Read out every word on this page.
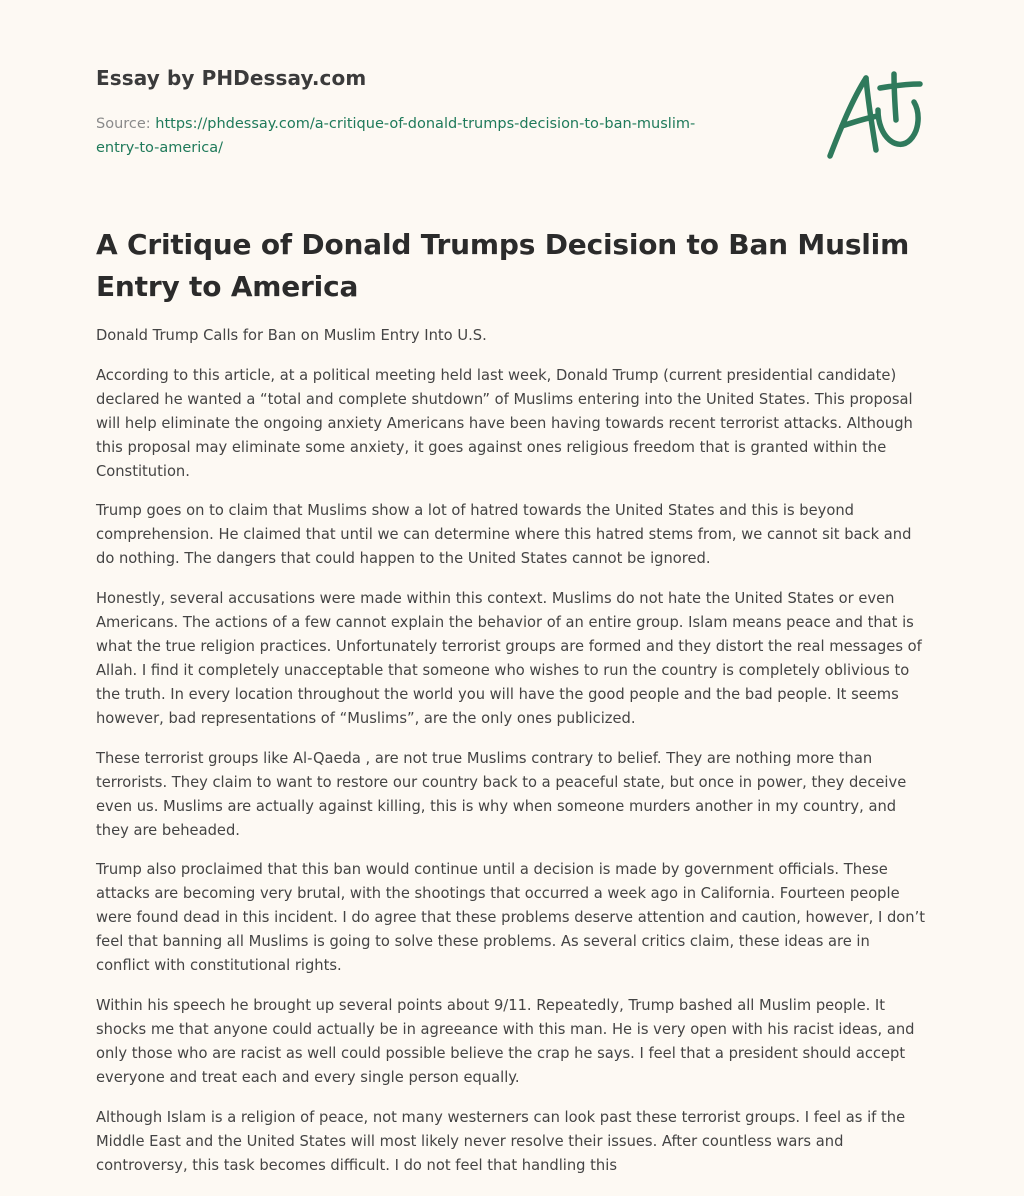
Essay by PHDessay.com

Source: https://phdessay.com/a-critique-of-donald-trumps-decision-to-ban-muslim-
entry-to-america/
A Critique of Donald Trumps Decision to Ban Muslim Entry to America

Donald Trump Calls for Ban on Muslim Entry Into U.S.

According to this article, at a political meeting held last week, Donald Trump (current presidential candidate) declared he wanted a “total and complete shutdown” of Muslims entering into the United States. This proposal will help eliminate the ongoing anxiety Americans have been having towards recent terrorist attacks. Although this proposal may eliminate some anxiety, it goes against ones religious freedom that is granted within the Constitution.

Trump goes on to claim that Muslims show a lot of hatred towards the United States and this is beyond comprehension. He claimed that until we can determine where this hatred stems from, we cannot sit back and do nothing. The dangers that could happen to the United States cannot be ignored.

Honestly, several accusations were made within this context. Muslims do not hate the United States or even Americans. The actions of a few cannot explain the behavior of an entire group. Islam means peace and that is what the true religion practices. Unfortunately terrorist groups are formed and they distort the real messages of Allah. I find it completely unacceptable that someone who wishes to run the country is completely oblivious to the truth. In every location throughout the world you will have the good people and the bad people. It seems however, bad representations of “Muslims”, are the only ones publicized.

These terrorist groups like Al-Qaeda , are not true Muslims contrary to belief. They are nothing more than terrorists. They claim to want to restore our country back to a peaceful state, but once in power, they deceive even us. Muslims are actually against killing, this is why when someone murders another in my country, and they are beheaded.

Trump also proclaimed that this ban would continue until a decision is made by government officials. These attacks are becoming very brutal, with the shootings that occurred a week ago in California. Fourteen people were found dead in this incident. I do agree that these problems deserve attention and caution, however, I don’t feel that banning all Muslims is going to solve these problems. As several critics claim, these ideas are in conflict with constitutional rights.

Within his speech he brought up several points about 9/11. Repeatedly, Trump bashed all Muslim people. It shocks me that anyone could actually be in agreeance with this man. He is very open with his racist ideas, and only those who are racist as well could possible believe the crap he says. I feel that a president should accept everyone and treat each and every single person equally.

Although Islam is a religion of peace, not many westerners can look past these terrorist groups. I feel as if the Middle East and the United States will most likely never resolve their issues. After countless wars and controversy, this task becomes difficult. I do not feel that handling this
